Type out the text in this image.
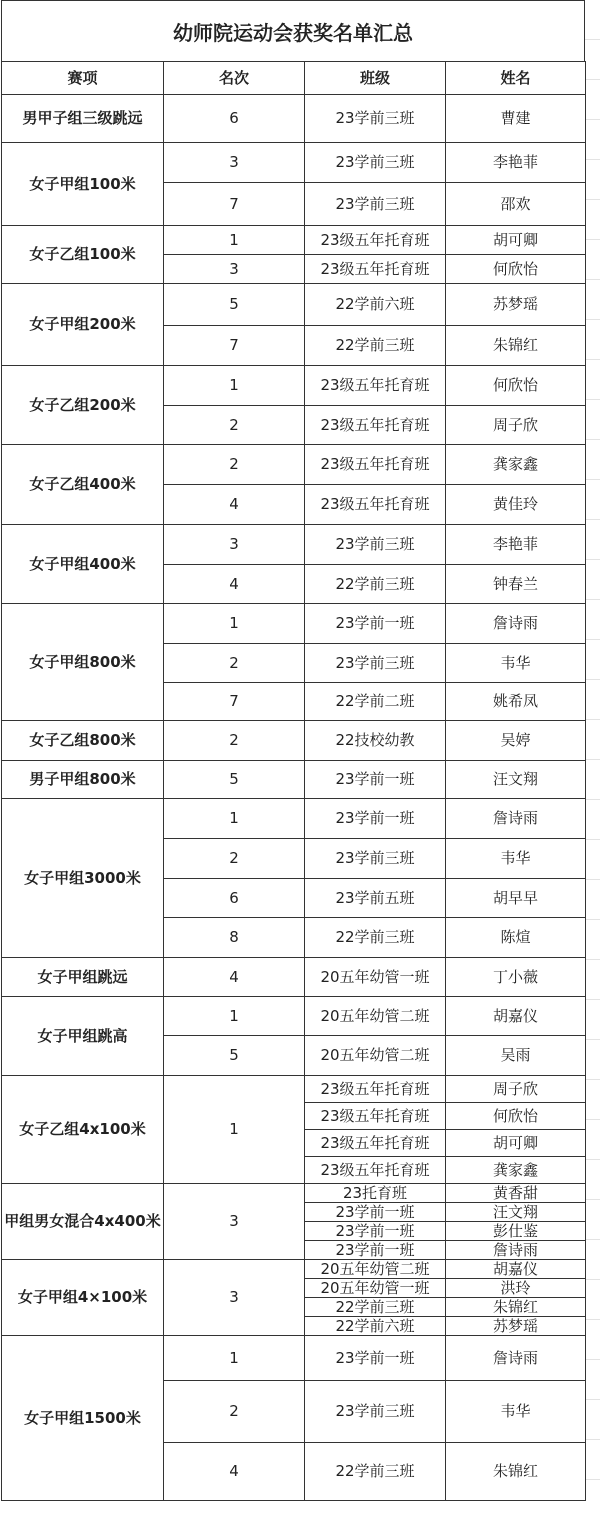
幼师院运动会获奖名单汇总
赛项	名次	班级	姓名
男甲子组三级跳远	6	23学前三班	曹建
女子甲组100米	3	23学前三班	李艳菲
	7	23学前三班	邵欢
女子乙组100米	1	23级五年托育班	胡可卿
	3	23级五年托育班	何欣怡
女子甲组200米	5	22学前六班	苏梦瑶
	7	22学前三班	朱锦红
女子乙组200米	1	23级五年托育班	何欣怡
	2	23级五年托育班	周子欣
女子乙组400米	2	23级五年托育班	龚家鑫
	4	23级五年托育班	黄佳玲
女子甲组400米	3	23学前三班	李艳菲
	4	22学前三班	钟春兰
女子甲组800米	1	23学前一班	詹诗雨
	2	23学前三班	韦华
	7	22学前二班	姚希凤
女子乙组800米	2	22技校幼教	吴婷
男子甲组800米	5	23学前一班	汪文翔
女子甲组3000米	1	23学前一班	詹诗雨
	2	23学前三班	韦华
	6	23学前五班	胡早早
	8	22学前三班	陈煊
女子甲组跳远	4	20五年幼管一班	丁小薇
女子甲组跳高	1	20五年幼管二班	胡嘉仪
	5	20五年幼管二班	吴雨
女子乙组4x100米	1	23级五年托育班	周子欣
		23级五年托育班	何欣怡
		23级五年托育班	胡可卿
		23级五年托育班	龚家鑫
甲组男女混合4x400米	3	23托育班	黄香甜
		23学前一班	汪文翔
		23学前一班	彭仕鉴
		23学前一班	詹诗雨
女子甲组4×100米	3	20五年幼管二班	胡嘉仪
		20五年幼管一班	洪玲
		22学前三班	朱锦红
		22学前六班	苏梦瑶
女子甲组1500米	1	23学前一班	詹诗雨
	2	23学前三班	韦华
	4	22学前三班	朱锦红
